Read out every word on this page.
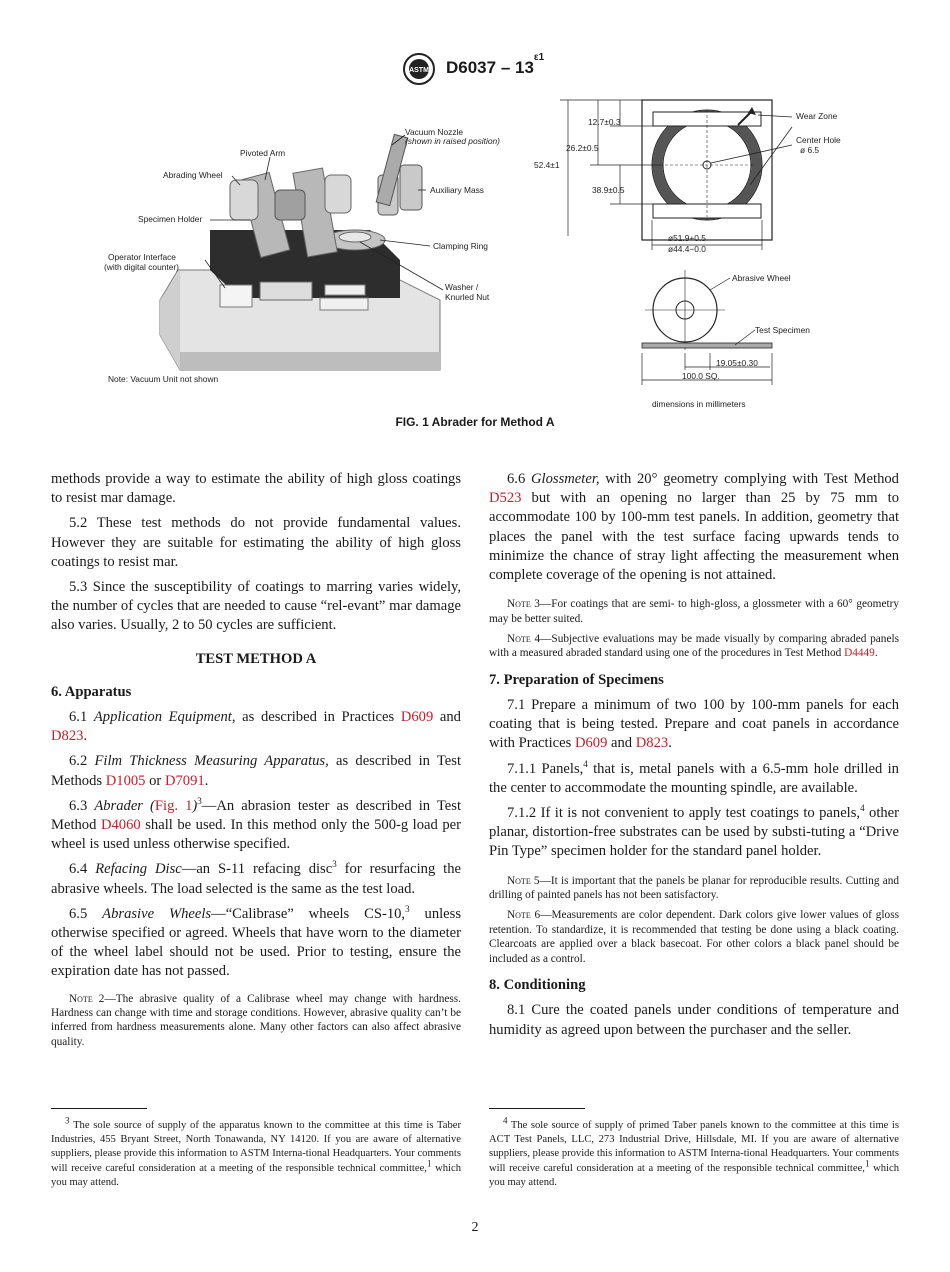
ASTM $D6037 - 13^{\varepsilon 1}$
Vacuum Nozzle
(shown in raised position)
Pivoted Arm
Abrading Wheel
Auxiliary Mass
Specimen Holder
Clamping Ring
Operator Interface
(with digital counter)
Washer /
Knurled Nut
Note: Vacuum Unit not shown
12.7±0.3
26.2±0.5
52.4±1
38.9±0.5
Wear Zone
Center Hole
ø 6.5
ø51.9+0.5
ø44.4−0.0
Abrasive Wheel
Test Specimen
19.05±0.30
100.0 SQ.
dimensions in millimeters
FIG. 1 Abrader for Method A

methods provide a way to estimate the ability of high gloss coatings to resist mar damage.

5.2 These test methods do not provide fundamental values. However they are suitable for estimating the ability of high gloss coatings to resist mar.

5.3 Since the susceptibility of coatings to marring varies widely, the number of cycles that are needed to cause “rel-evant” mar damage also varies. Usually, 2 to 50 cycles are sufficient.

TEST METHOD A
6. Apparatus

6.1 Application Equipment, as described in Practices D609 and D823.

6.2 Film Thickness Measuring Apparatus, as described in Test Methods D1005 or D7091.

6.3 Abrader (Fig. 1)$^3$—An abrasion tester as described in Test Method D4060 shall be used. In this method only the 500-g load per wheel is used unless otherwise specified.

6.4 Refacing Disc—an S-11 refacing disc$^3$ for resurfacing the abrasive wheels. The load selected is the same as the test load.

6.5 Abrasive Wheels—“Calibrase” wheels CS-10,$^3$ unless otherwise specified or agreed. Wheels that have worn to the diameter of the wheel label should not be used. Prior to testing, ensure the expiration date has not passed.

Note 2—The abrasive quality of a Calibrase wheel may change with hardness. Hardness can change with time and storage conditions. However, abrasive quality can’t be inferred from hardness measurements alone. Many other factors can also affect abrasive quality.

$^3$ The sole source of supply of the apparatus known to the committee at this time is Taber Industries, 455 Bryant Street, North Tonawanda, NY 14120. If you are aware of alternative suppliers, please provide this information to ASTM Interna-tional Headquarters. Your comments will receive careful consideration at a meeting of the responsible technical committee,$^1$ which you may attend.

6.6 Glossmeter, with 20° geometry complying with Test Method D523 but with an opening no larger than 25 by 75 mm to accommodate 100 by 100-mm test panels. In addition, geometry that places the panel with the test surface facing upwards tends to minimize the chance of stray light affecting the measurement when complete coverage of the opening is not attained.

Note 3—For coatings that are semi- to high-gloss, a glossmeter with a 60° geometry may be better suited.

Note 4—Subjective evaluations may be made visually by comparing abraded panels with a measured abraded standard using one of the procedures in Test Method D4449.

7. Preparation of Specimens

7.1 Prepare a minimum of two 100 by 100-mm panels for each coating that is being tested. Prepare and coat panels in accordance with Practices D609 and D823.

7.1.1 Panels,$^4$ that is, metal panels with a 6.5-mm hole drilled in the center to accommodate the mounting spindle, are available.

7.1.2 If it is not convenient to apply test coatings to panels,$^4$ other planar, distortion-free substrates can be used by substi-tuting a “Drive Pin Type” specimen holder for the standard panel holder.

Note 5—It is important that the panels be planar for reproducible results. Cutting and drilling of painted panels has not been satisfactory.

Note 6—Measurements are color dependent. Dark colors give lower values of gloss retention. To standardize, it is recommended that testing be done using a black coating. Clearcoats are applied over a black basecoat. For other colors a black panel should be included as a control.

8. Conditioning

8.1 Cure the coated panels under conditions of temperature and humidity as agreed upon between the purchaser and the seller.

$^4$ The sole source of supply of primed Taber panels known to the committee at this time is ACT Test Panels, LLC, 273 Industrial Drive, Hillsdale, MI. If you are aware of alternative suppliers, please provide this information to ASTM Interna-tional Headquarters. Your comments will receive careful consideration at a meeting of the responsible technical committee,$^1$ which you may attend.
2
